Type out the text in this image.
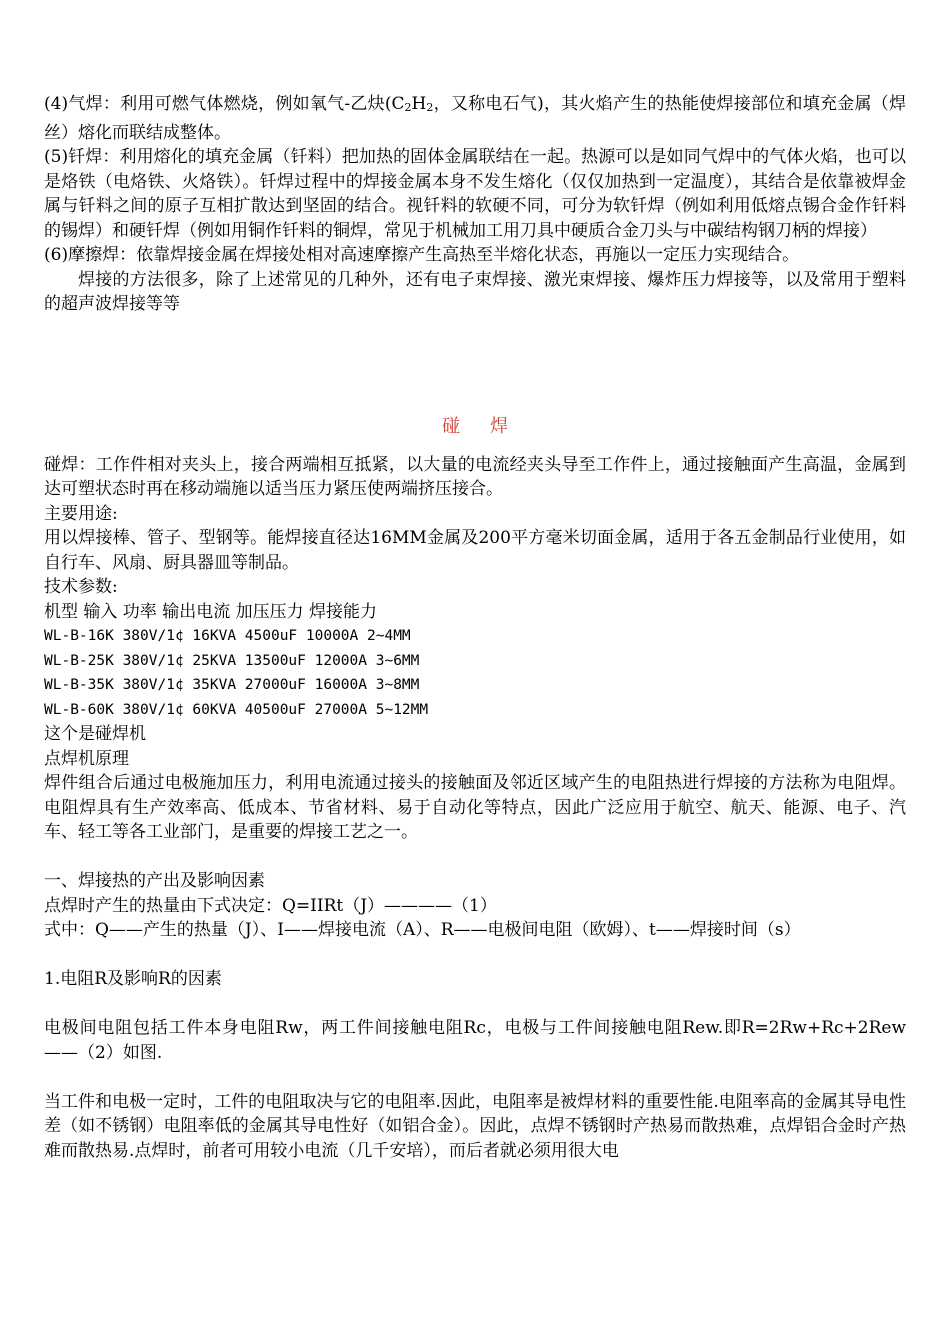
(4)气焊：利用可燃气体燃烧，例如氧气-乙炔($C_2H_2$，又称电石气)，其火焰产生的热能使焊接部位和填充金属（焊丝）熔化而联结成整体。

(5)钎焊：利用熔化的填充金属（钎料）把加热的固体金属联结在一起。热源可以是如同气焊中的气体火焰，也可以是烙铁（电烙铁、火烙铁）。钎焊过程中的焊接金属本身不发生熔化（仅仅加热到一定温度），其结合是依靠被焊金属与钎料之间的原子互相扩散达到坚固的结合。视钎料的软硬不同，可分为软钎焊（例如利用低熔点锡合金作钎料的锡焊）和硬钎焊（例如用铜作钎料的铜焊，常见于机械加工用刀具中硬质合金刀头与中碳结构钢刀柄的焊接）

(6)摩擦焊：依靠焊接金属在焊接处相对高速摩擦产生高热至半熔化状态，再施以一定压力实现结合。

焊接的方法很多，除了上述常见的几种外，还有电子束焊接、激光束焊接、爆炸压力焊接等，以及常用于塑料的超声波焊接等等

碰焊

碰焊：工作件相对夹头上，接合两端相互抵紧，以大量的电流经夹头导至工作件上，通过接触面产生高温，金属到达可塑状态时再在移动端施以适当压力紧压使两端挤压接合。

主要用途:

用以焊接棒、管子、型钢等。能焊接直径达16MM金属及200平方毫米切面金属，适用于各五金制品行业使用，如自行车、风扇、厨具器皿等制品。

技术参数:

机型 输入 功率 输出电流 加压压力 焊接能力

WL-B-16K 380V/1¢ 16KVA 4500uF 10000A 2~4MM

WL-B-25K 380V/1¢ 25KVA 13500uF 12000A 3~6MM

WL-B-35K 380V/1¢ 35KVA 27000uF 16000A 3~8MM

WL-B-60K 380V/1¢ 60KVA 40500uF 27000A 5~12MM

这个是碰焊机

点焊机原理

焊件组合后通过电极施加压力，利用电流通过接头的接触面及邻近区域产生的电阻热进行焊接的方法称为电阻焊。电阻焊具有生产效率高、低成本、节省材料、易于自动化等特点，因此广泛应用于航空、航天、能源、电子、汽车、轻工等各工业部门，是重要的焊接工艺之一。

一、焊接热的产出及影响因素

点焊时产生的热量由下式决定：Q=IIRt（J）————（1）

式中：Q——产生的热量（J）、I——焊接电流（A）、R——电极间电阻（欧姆）、t——焊接时间（s）

1.电阻R及影响R的因素

电极间电阻包括工件本身电阻Rw，两工件间接触电阻Rc，电极与工件间接触电阻Rew.即R=2Rw+Rc+2Rew——（2）如图.

当工件和电极一定时，工件的电阻取决与它的电阻率.因此，电阻率是被焊材料的重要性能.电阻率高的金属其导电性差（如不锈钢）电阻率低的金属其导电性好（如铝合金）。因此，点焊不锈钢时产热易而散热难，点焊铝合金时产热难而散热易.点焊时，前者可用较小电流（几千安培），而后者就必须用很大电
